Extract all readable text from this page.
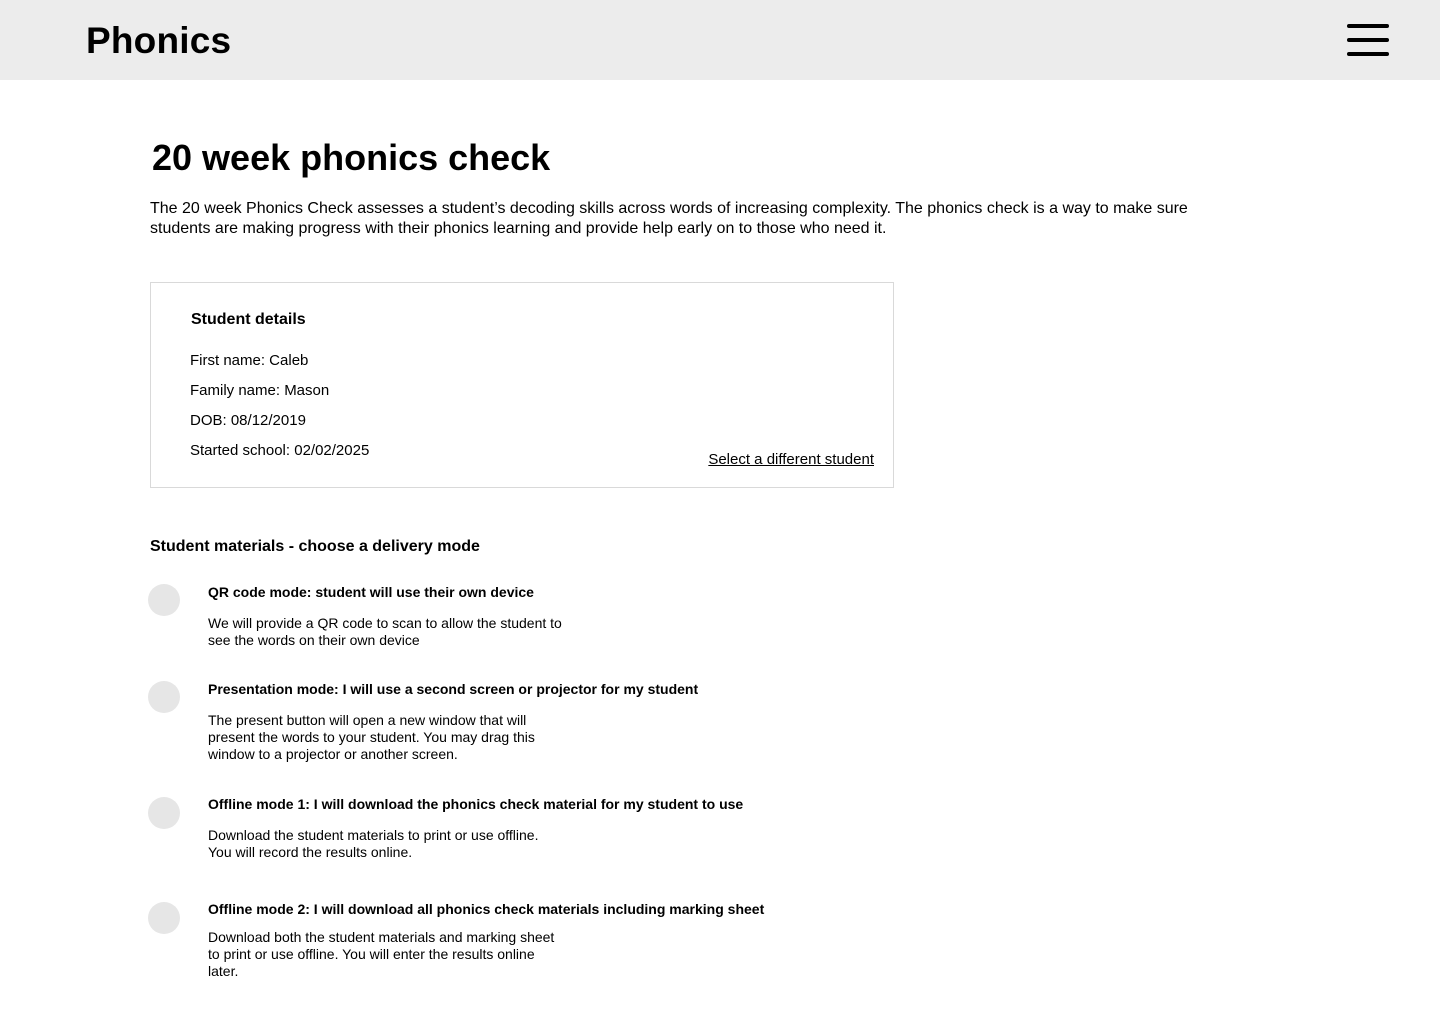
Phonics
20 week phonics check

The 20 week Phonics Check assesses a student’s decoding skills across words of increasing complexity. The phonics check is a way to make sure students are making progress with their phonics learning and provide help early on to those who need it.

Student details
First name: Caleb
Family name: Mason
DOB: 08/12/2019
Started school: 02/02/2025
Select a different student
Student materials - choose a delivery mode
QR code mode: student will use their own device
We will provide a QR code to scan to allow the student to
see the words on their own device
Presentation mode: I will use a second screen or projector for my student
The present button will open a new window that will
present the words to your student. You may drag this
window to a projector or another screen.
Offline mode 1: I will download the phonics check material for my student to use
Download the student materials to print or use offline.
You will record the results online.
Offline mode 2: I will download all phonics check materials including marking sheet
Download both the student materials and marking sheet
to print or use offline. You will enter the results online
later.
